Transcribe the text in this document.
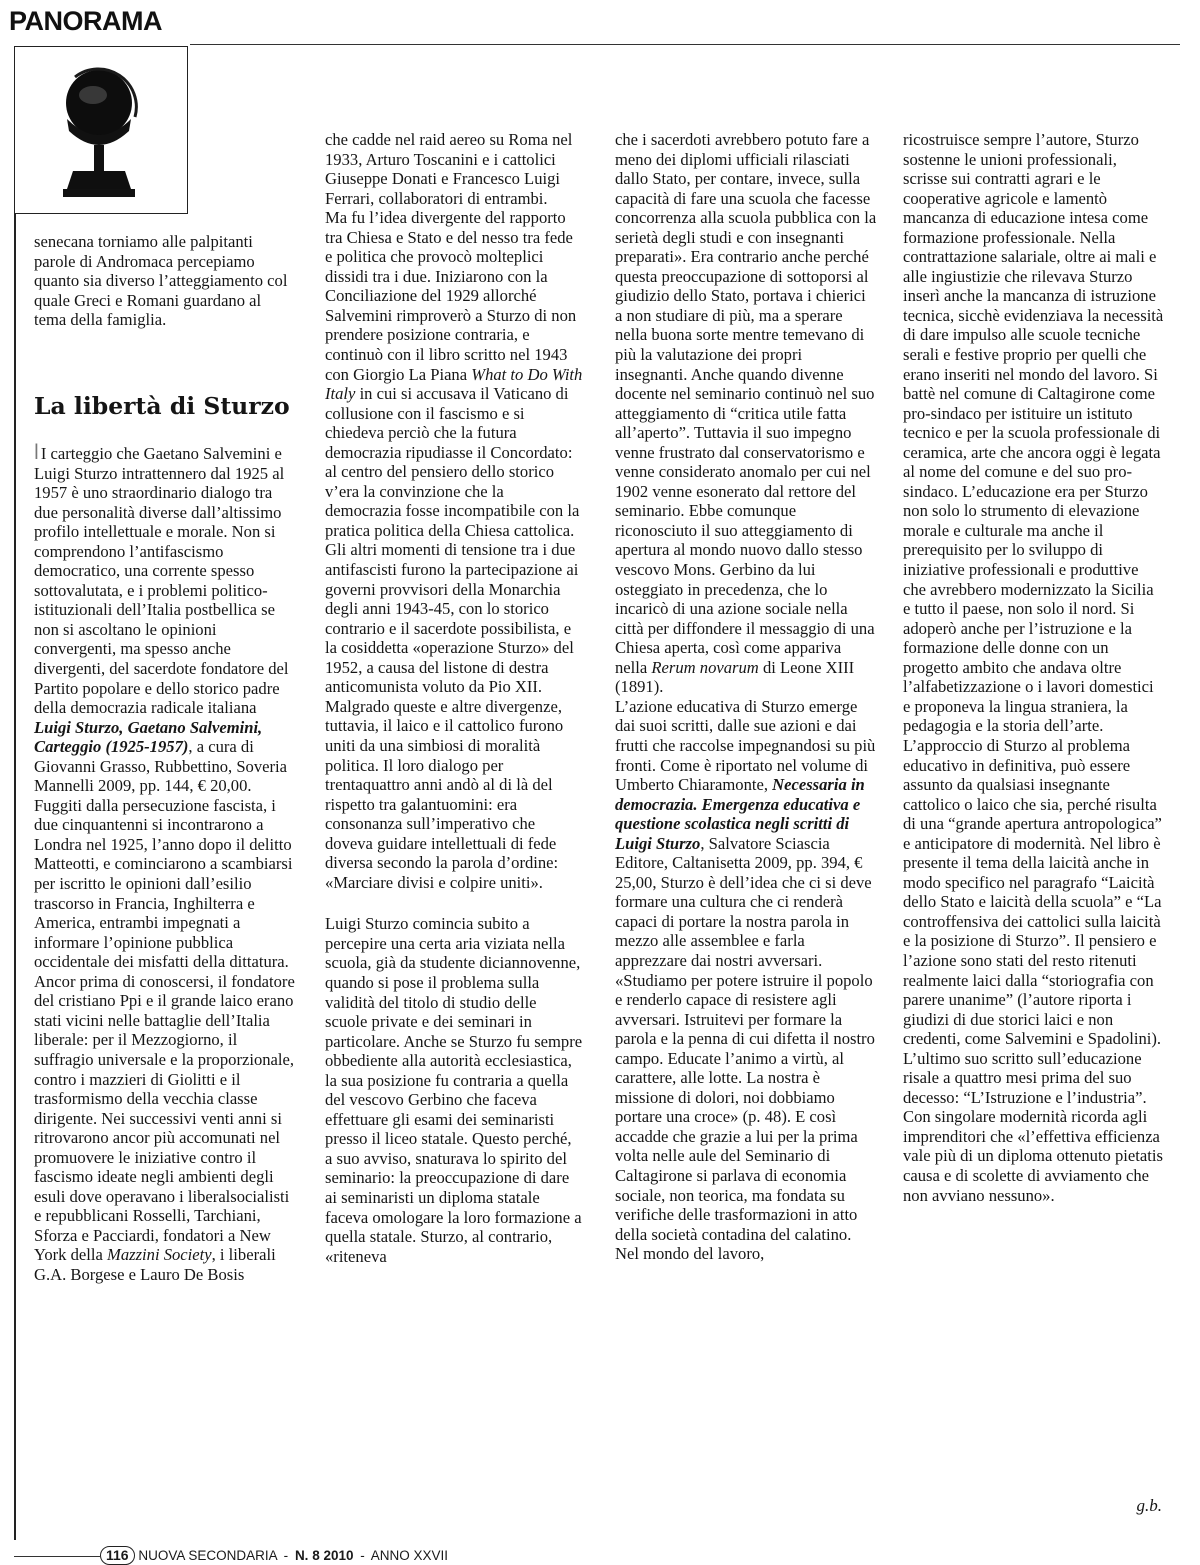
PANORAMA

senecana torniamo alle palpitanti parole di Andromaca percepiamo quanto sia diverso l’atteggiamento col quale Greci e Romani guardano al tema della famiglia.

La libertà di Sturzo

ǀ I carteggio che Gaetano Salvemini e Luigi Sturzo intrattennero dal 1925 al 1957 è uno straordinario dialogo tra due personalità diverse dall’altissimo profilo intellettuale e morale. Non si comprendono l’antifascismo democratico, una corrente spesso sottovalutata, e i problemi politico-istituzionali dell’Italia postbellica se non si ascoltano le opinioni convergenti, ma spesso anche divergenti, del sacerdote fondatore del Partito popolare e dello storico padre della democrazia radicale italiana Luigi Sturzo, Gaetano Salvemini, Carteggio (1925-1957), a cura di Giovanni Grasso, Rubbettino, Soveria Mannelli 2009, pp. 144, € 20,00. Fuggiti dalla persecuzione fascista, i due cinquantenni si incontrarono a Londra nel 1925, l’anno dopo il delitto Matteotti, e cominciarono a scambiarsi per iscritto le opinioni dall’esilio trascorso in Francia, Inghilterra e America, entrambi impegnati a informare l’opinione pubblica occidentale dei misfatti della dittatura. Ancor prima di conoscersi, il fondatore del cristiano Ppi e il grande laico erano stati vicini nelle battaglie dell’Italia liberale: per il Mezzogiorno, il suffragio universale e la proporzionale, contro i mazzieri di Giolitti e il trasformismo della vecchia classe dirigente. Nei successivi venti anni si ritrovarono ancor più accomunati nel promuovere le iniziative contro il fascismo ideate negli ambienti degli esuli dove operavano i liberalsocialisti e repubblicani Rosselli, Tarchiani, Sforza e Pacciardi, fondatori a New York della Mazzini Society, i liberali G.A. Borgese e Lauro De Bosis

che cadde nel raid aereo su Roma nel 1933, Arturo Toscanini e i cattolici Giuseppe Donati e Francesco Luigi Ferrari, collaboratori di entrambi.

Ma fu l’idea divergente del rapporto tra Chiesa e Stato e del nesso tra fede e politica che provocò molteplici dissidi tra i due. Iniziarono con la Conciliazione del 1929 allorché Salvemini rimproverò a Sturzo di non prendere posizione contraria, e continuò con il libro scritto nel 1943 con Giorgio La Piana What to Do With Italy in cui si accusava il Vaticano di collusione con il fascismo e si chiedeva perciò che la futura democrazia ripudiasse il Concordato: al centro del pensiero dello storico v’era la convinzione che la democrazia fosse incompatibile con la pratica politica della Chiesa cattolica. Gli altri momenti di tensione tra i due antifascisti furono la partecipazione ai governi provvisori della Monarchia degli anni 1943-45, con lo storico contrario e il sacerdote possibilista, e la cosiddetta «operazione Sturzo» del 1952, a causa del listone di destra anticomunista voluto da Pio XII. Malgrado queste e altre divergenze, tuttavia, il laico e il cattolico furono uniti da una simbiosi di moralità politica. Il loro dialogo per trentaquattro anni andò al di là del rispetto tra galantuomini: era consonanza sull’imperativo che doveva guidare intellettuali di fede diversa secondo la parola d’ordine: «Marciare divisi e colpire uniti».

Luigi Sturzo comincia subito a percepire una certa aria viziata nella scuola, già da studente diciannovenne, quando si pose il problema sulla validità del titolo di studio delle scuole private e dei seminari in particolare. Anche se Sturzo fu sempre obbediente alla autorità ecclesiastica, la sua posizione fu contraria a quella del vescovo Gerbino che faceva effettuare gli esami dei seminaristi presso il liceo statale. Questo perché, a suo avviso, snaturava lo spirito del seminario: la preoccupazione di dare ai seminaristi un diploma statale faceva omologare la loro formazione a quella statale. Sturzo, al contrario, «riteneva

che i sacerdoti avrebbero potuto fare a meno dei diplomi ufficiali rilasciati dallo Stato, per contare, invece, sulla capacità di fare una scuola che facesse concorrenza alla scuola pubblica con la serietà degli studi e con insegnanti preparati». Era contrario anche perché questa preoccupazione di sottoporsi al giudizio dello Stato, portava i chierici a non studiare di più, ma a sperare nella buona sorte mentre temevano di più la valutazione dei propri insegnanti. Anche quando divenne docente nel seminario continuò nel suo atteggiamento di “critica utile fatta all’aperto”. Tuttavia il suo impegno venne frustrato dal conservatorismo e venne considerato anomalo per cui nel 1902 venne esonerato dal rettore del seminario. Ebbe comunque riconosciuto il suo atteggiamento di apertura al mondo nuovo dallo stesso vescovo Mons. Gerbino da lui osteggiato in precedenza, che lo incaricò di una azione sociale nella città per diffondere il messaggio di una Chiesa aperta, così come appariva nella Rerum novarum di Leone XIII (1891).

L’azione educativa di Sturzo emerge dai suoi scritti, dalle sue azioni e dai frutti che raccolse impegnandosi su più fronti. Come è riportato nel volume di Umberto Chiaramonte, Necessaria in democrazia. Emergenza educativa e questione scolastica negli scritti di Luigi Sturzo, Salvatore Sciascia Editore, Caltanisetta 2009, pp. 394, € 25,00, Sturzo è dell’idea che ci si deve formare una cultura che ci renderà capaci di portare la nostra parola in mezzo alle assemblee e farla apprezzare dai nostri avversari. «Studiamo per potere istruire il popolo e renderlo capace di resistere agli avversari. Istruitevi per formare la parola e la penna di cui difetta il nostro campo. Educate l’animo a virtù, al carattere, alle lotte. La nostra è missione di dolori, noi dobbiamo portare una croce» (p. 48). E così accadde che grazie a lui per la prima volta nelle aule del Seminario di Caltagirone si parlava di economia sociale, non teorica, ma fondata su verifiche delle trasformazioni in atto della società contadina del calatino. Nel mondo del lavoro,

ricostruisce sempre l’autore, Sturzo sostenne le unioni professionali, scrisse sui contratti agrari e le cooperative agricole e lamentò mancanza di educazione intesa come formazione professionale. Nella contrattazione salariale, oltre ai mali e alle ingiustizie che rilevava Sturzo inserì anche la mancanza di istruzione tecnica, sicchè evidenziava la necessità di dare impulso alle scuole tecniche serali e festive proprio per quelli che erano inseriti nel mondo del lavoro. Si battè nel comune di Caltagirone come pro-sindaco per istituire un istituto tecnico e per la scuola professionale di ceramica, arte che ancora oggi è legata al nome del comune e del suo pro-sindaco. L’educazione era per Sturzo non solo lo strumento di elevazione morale e culturale ma anche il prerequisito per lo sviluppo di iniziative professionali e produttive che avrebbero modernizzato la Sicilia e tutto il paese, non solo il nord. Si adoperò anche per l’istruzione e la formazione delle donne con un progetto ambito che andava oltre l’alfabetizzazione o i lavori domestici e proponeva la lingua straniera, la pedagogia e la storia dell’arte. L’approccio di Sturzo al problema educativo in definitiva, può essere assunto da qualsiasi insegnante cattolico o laico che sia, perché risulta di una “grande apertura antropologica” e anticipatore di modernità. Nel libro è presente il tema della laicità anche in modo specifico nel paragrafo “Laicità dello Stato e laicità della scuola” e “La controffensiva dei cattolici sulla laicità e la posizione di Sturzo”. Il pensiero e l’azione sono stati del resto ritenuti realmente laici dalla “storiografia con parere unanime” (l’autore riporta i giudizi di due storici laici e non credenti, come Salvemini e Spadolini). L’ultimo suo scritto sull’educazione risale a quattro mesi prima del suo decesso: “L’Istruzione e l’industria”. Con singolare modernità ricorda agli imprenditori che «l’effettiva efficienza vale più di un diploma ottenuto pietatis causa e di scolette di avviamento che non avviano nessuno».

g.b.

116 NUOVA SECONDARIA - N. 8 2010 - ANNO XXVII
